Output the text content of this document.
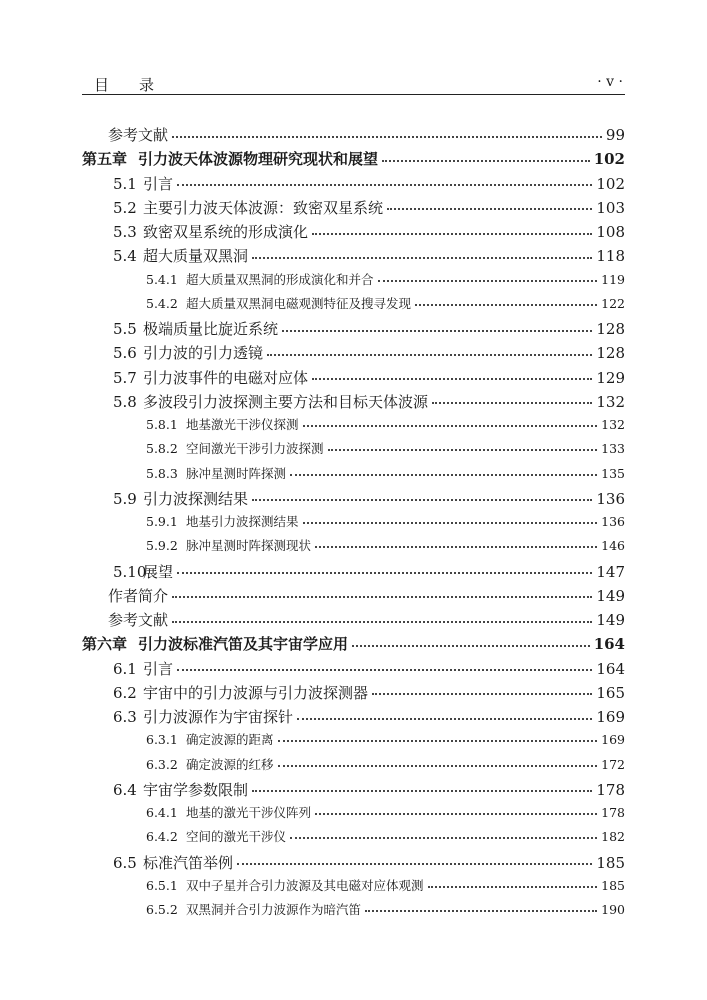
目　　录	· v ·
参考文献	99
第五章 引力波天体波源物理研究现状和展望	102
5.1 引言	102
5.2 主要引力波天体波源：致密双星系统	103
5.3 致密双星系统的形成演化	108
5.4 超大质量双黑洞	118
5.4.1 超大质量双黑洞的形成演化和并合	119
5.4.2 超大质量双黑洞电磁观测特征及搜寻发现	122
5.5 极端质量比旋近系统	128
5.6 引力波的引力透镜	128
5.7 引力波事件的电磁对应体	129
5.8 多波段引力波探测主要方法和目标天体波源	132
5.8.1 地基激光干涉仪探测	132
5.8.2 空间激光干涉引力波探测	133
5.8.3 脉冲星测时阵探测	135
5.9 引力波探测结果	136
5.9.1 地基引力波探测结果	136
5.9.2 脉冲星测时阵探测现状	146
5.10展望	147
作者简介	149
参考文献	149
第六章 引力波标准汽笛及其宇宙学应用	164
6.1 引言	164
6.2 宇宙中的引力波源与引力波探测器	165
6.3 引力波源作为宇宙探针	169
6.3.1 确定波源的距离	169
6.3.2 确定波源的红移	172
6.4 宇宙学参数限制	178
6.4.1 地基的激光干涉仪阵列	178
6.4.2 空间的激光干涉仪	182
6.5 标准汽笛举例	185
6.5.1 双中子星并合引力波源及其电磁对应体观测	185
6.5.2 双黑洞并合引力波源作为暗汽笛	190
